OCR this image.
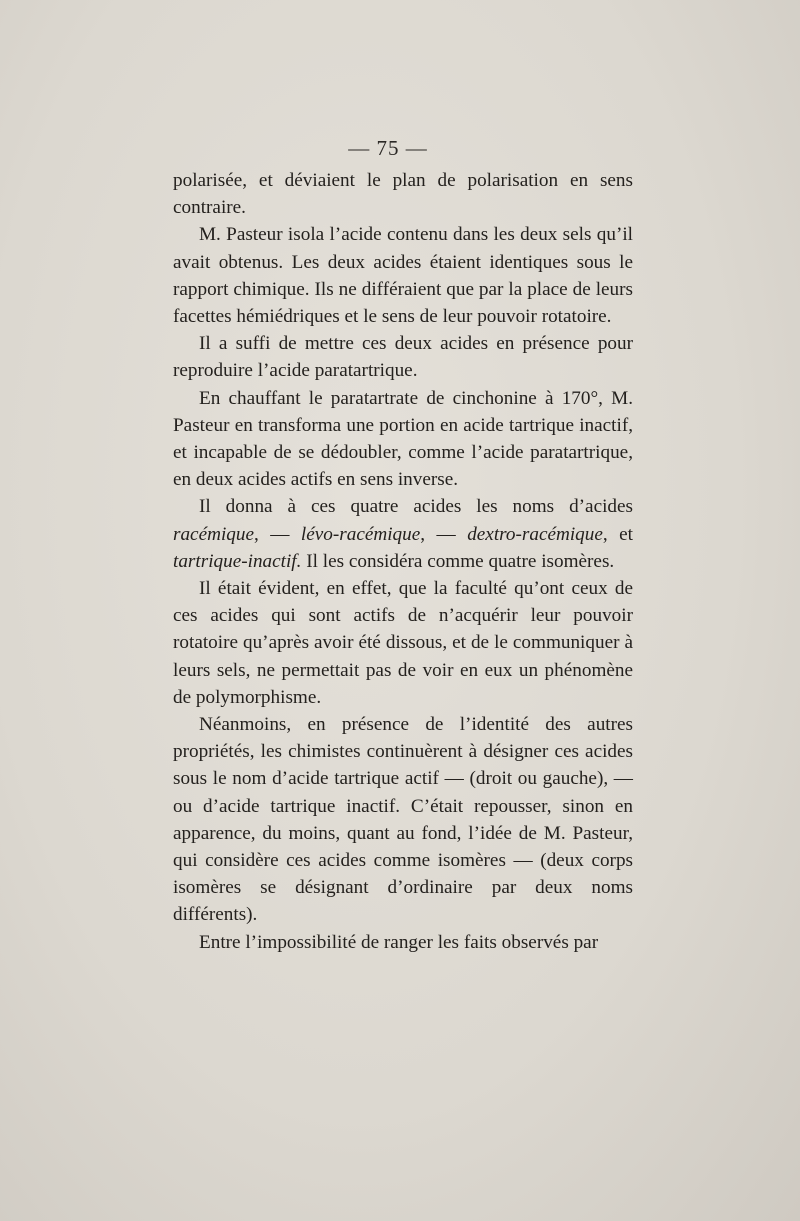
— 75 —

polarisée, et déviaient le plan de polarisation en sens contraire.

M. Pasteur isola l’acide contenu dans les deux sels qu’il avait obtenus. Les deux acides étaient identiques sous le rapport chimique. Ils ne différaient que par la place de leurs facettes hémiédriques et le sens de leur pouvoir rotatoire.

Il a suffi de mettre ces deux acides en présence pour reproduire l’acide paratartrique.

En chauffant le paratartrate de cinchonine à 170°, M. Pasteur en transforma une portion en acide tartrique inactif, et incapable de se dédoubler, comme l’acide paratartrique, en deux acides actifs en sens inverse.

Il donna à ces quatre acides les noms d’acides racémique, — lévo-racémique, — dextro-racémique, et tartrique-inactif. Il les considéra comme quatre isomères.

Il était évident, en effet, que la faculté qu’ont ceux de ces acides qui sont actifs de n’acquérir leur pouvoir rotatoire qu’après avoir été dissous, et de le communiquer à leurs sels, ne permettait pas de voir en eux un phénomène de polymorphisme.

Néanmoins, en présence de l’identité des autres propriétés, les chimistes continuèrent à désigner ces acides sous le nom d’acide tartrique actif — (droit ou gauche), — ou d’acide tartrique inactif. C’était repousser, sinon en apparence, du moins, quant au fond, l’idée de M. Pasteur, qui considère ces acides comme isomères — (deux corps isomères se désignant d’ordinaire par deux noms différents).

Entre l’impossibilité de ranger les faits observés par
